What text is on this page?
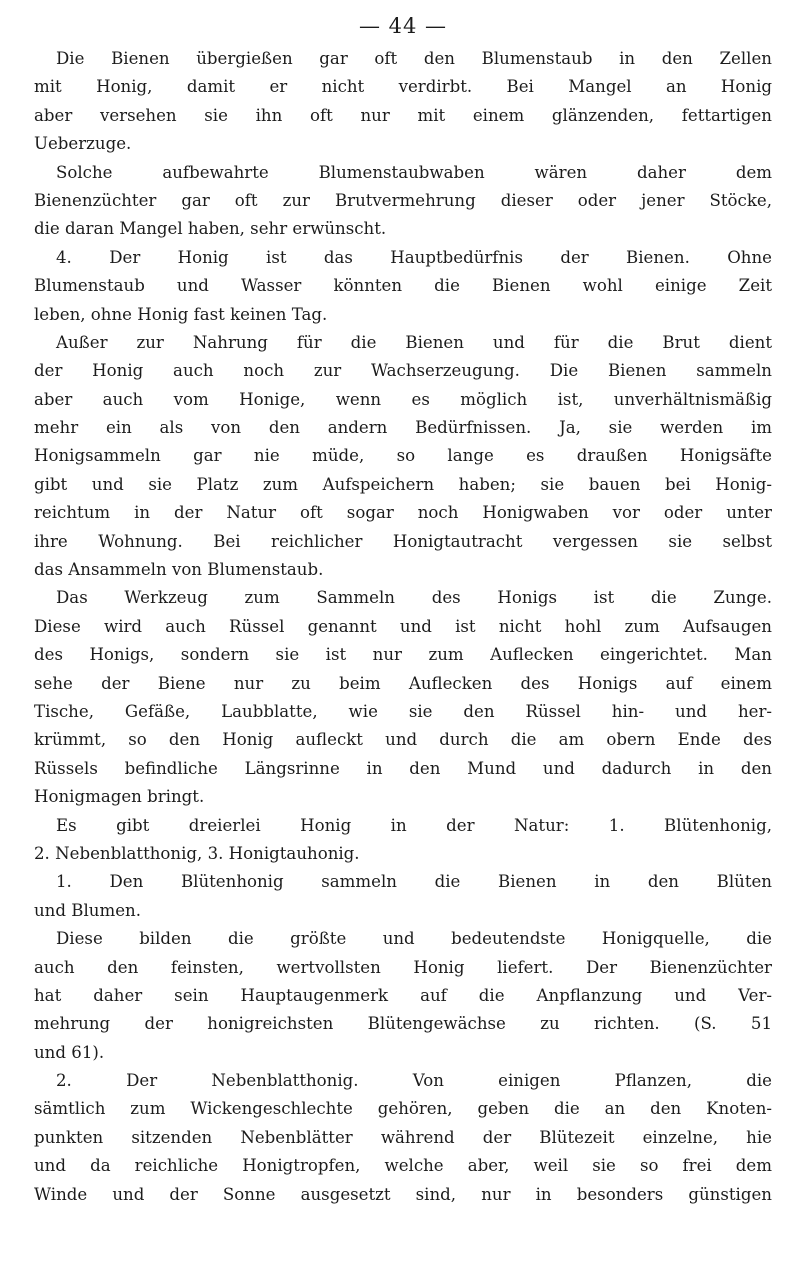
— 44 —
Die Bienen übergießen gar oft den Blumenstaub in den Zellen
mit Honig, damit er nicht verdirbt. Bei Mangel an Honig
aber versehen sie ihn oft nur mit einem glänzenden, fettartigen
Ueberzuge.
Solche aufbewahrte Blumenstaubwaben wären daher dem
Bienenzüchter gar oft zur Brutvermehrung dieser oder jener Stöcke,
die daran Mangel haben, sehr erwünscht.
4. Der Honig ist das Hauptbedürfnis der Bienen. Ohne
Blumenstaub und Wasser könnten die Bienen wohl einige Zeit
leben, ohne Honig fast keinen Tag.
Außer zur Nahrung für die Bienen und für die Brut dient
der Honig auch noch zur Wachserzeugung. Die Bienen sammeln
aber auch vom Honige, wenn es möglich ist, unverhältnismäßig
mehr ein als von den andern Bedürfnissen. Ja, sie werden im
Honigsammeln gar nie müde, so lange es draußen Honigsäfte
gibt und sie Platz zum Aufspeichern haben; sie bauen bei Honig-
reichtum in der Natur oft sogar noch Honigwaben vor oder unter
ihre Wohnung. Bei reichlicher Honigtautracht vergessen sie selbst
das Ansammeln von Blumenstaub.
Das Werkzeug zum Sammeln des Honigs ist die Zunge.
Diese wird auch Rüssel genannt und ist nicht hohl zum Aufsaugen
des Honigs, sondern sie ist nur zum Auflecken eingerichtet. Man
sehe der Biene nur zu beim Auflecken des Honigs auf einem
Tische, Gefäße, Laubblatte, wie sie den Rüssel hin- und her-
krümmt, so den Honig aufleckt und durch die am obern Ende des
Rüssels befindliche Längsrinne in den Mund und dadurch in den
Honigmagen bringt.
Es gibt dreierlei Honig in der Natur: 1. Blütenhonig,
2. Nebenblatthonig, 3. Honigtauhonig.
1. Den Blütenhonig sammeln die Bienen in den Blüten
und Blumen.
Diese bilden die größte und bedeutendste Honigquelle, die
auch den feinsten, wertvollsten Honig liefert. Der Bienenzüchter
hat daher sein Hauptaugenmerk auf die Anpflanzung und Ver-
mehrung der honigreichsten Blütengewächse zu richten. (S. 51
und 61).
2. Der Nebenblatthonig. Von einigen Pflanzen, die
sämtlich zum Wickengeschlechte gehören, geben die an den Knoten-
punkten sitzenden Nebenblätter während der Blütezeit einzelne, hie
und da reichliche Honigtropfen, welche aber, weil sie so frei dem
Winde und der Sonne ausgesetzt sind, nur in besonders günstigen
